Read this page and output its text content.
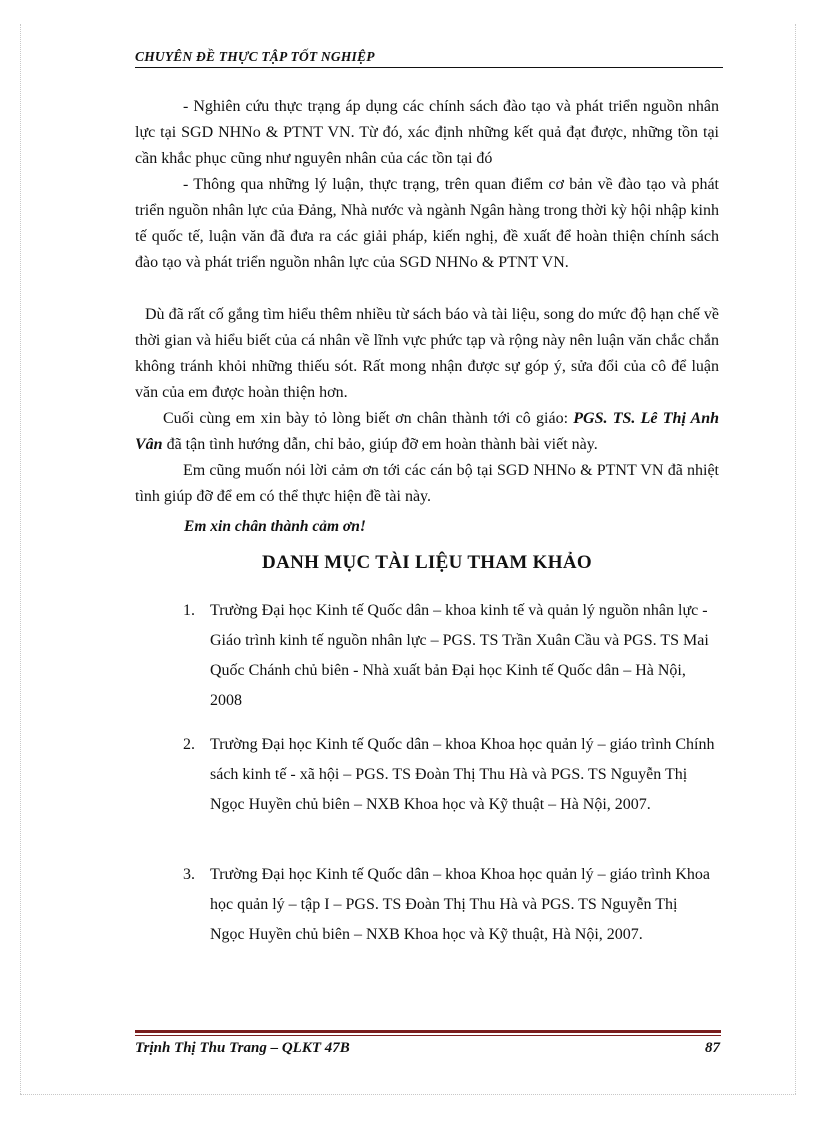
CHUYÊN ĐỀ THỰC TẬP TỐT NGHIỆP

- Nghiên cứu thực trạng áp dụng các chính sách đào tạo và phát triển nguồn nhân lực tại SGD NHNo & PTNT VN. Từ đó, xác định những kết quả đạt được, những tồn tại cần khắc phục cũng như nguyên nhân của các tồn tại đó

- Thông qua những lý luận, thực trạng, trên quan điểm cơ bản về đào tạo và phát triển nguồn nhân lực của Đảng, Nhà nước và ngành Ngân hàng trong thời kỳ hội nhập kinh tế quốc tế, luận văn đã đưa ra các giải pháp, kiến nghị, đề xuất để hoàn thiện chính sách đào tạo và phát triển nguồn nhân lực của SGD NHNo & PTNT VN.

Dù đã rất cố gắng tìm hiểu thêm nhiều từ sách báo và tài liệu, song do mức độ hạn chế về thời gian và hiểu biết của cá nhân về lĩnh vực phức tạp và rộng này nên luận văn chắc chắn không tránh khỏi những thiếu sót. Rất mong nhận được sự góp ý, sửa đổi của cô để luận văn của em được hoàn thiện hơn.

Cuối cùng em xin bày tỏ lòng biết ơn chân thành tới cô giáo: PGS. TS. Lê Thị Anh Vân đã tận tình hướng dẫn, chỉ bảo, giúp đỡ em hoàn thành bài viết này.

Em cũng muốn nói lời cảm ơn tới các cán bộ tại SGD NHNo & PTNT VN đã nhiệt tình giúp đỡ để em có thể thực hiện đề tài này.

Em xin chân thành cảm ơn!
DANH MỤC TÀI LIỆU THAM KHẢO
1. Trường Đại học Kinh tế Quốc dân – khoa kinh tế và quản lý nguồn nhân lực - Giáo trình kinh tế nguồn nhân lực – PGS. TS Trần Xuân Cầu và PGS. TS Mai Quốc Chánh chủ biên - Nhà xuất bản Đại học Kinh tế Quốc dân – Hà Nội, 2008
2. Trường Đại học Kinh tế Quốc dân – khoa Khoa học quản lý – giáo trình Chính sách kinh tế - xã hội – PGS. TS Đoàn Thị Thu Hà và PGS. TS Nguyễn Thị Ngọc Huyền chủ biên – NXB Khoa học và Kỹ thuật – Hà Nội, 2007.
3. Trường Đại học Kinh tế Quốc dân – khoa Khoa học quản lý – giáo trình Khoa học quản lý – tập I – PGS. TS Đoàn Thị Thu Hà và PGS. TS Nguyễn Thị Ngọc Huyền chủ biên – NXB Khoa học và Kỹ thuật, Hà Nội, 2007.
Trịnh Thị Thu Trang – QLKT 47B	87
